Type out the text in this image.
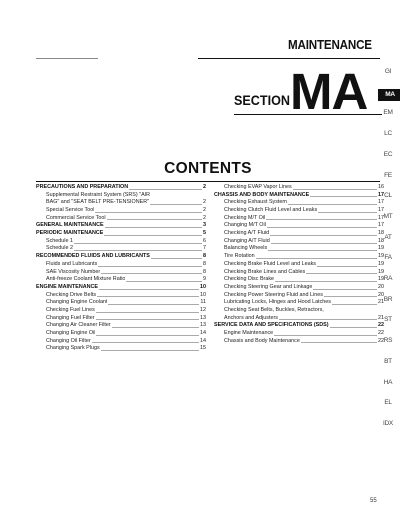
MAINTENANCE
SECTION MA
CONTENTS
PRECAUTIONS AND PREPARATION	2
Supplemental Restraint System (SRS) "AIR
BAG" and "SEAT BELT PRE-TENSIONER"	2
Special Service Tool	2
Commercial Service Tool	2
GENERAL MAINTENANCE	3
PERIODIC MAINTENANCE	5
Schedule 1	6
Schedule 2	7
RECOMMENDED FLUIDS AND LUBRICANTS	8
Fluids and Lubricants	8
SAE Viscosity Number	8
Anti-freeze Coolant Mixture Ratio	9
ENGINE MAINTENANCE	10
Checking Drive Belts	10
Changing Engine Coolant	11
Checking Fuel Lines	12
Changing Fuel Filter	13
Changing Air Cleaner Filter	13
Changing Engine Oil	14
Changing Oil Filter	14
Changing Spark Plugs	15
Checking EVAP Vapor Lines	16
CHASSIS AND BODY MAINTENANCE	17
Checking Exhaust System	17
Checking Clutch Fluid Level and Leaks	17
Checking M/T Oil	17
Changing M/T Oil	17
Checking A/T Fluid	18
Changing A/T Fluid	18
Balancing Wheels	19
Tire Rotation	19
Checking Brake Fluid Level and Leaks	19
Checking Brake Lines and Cables	19
Checking Disc Brake	19
Checking Steering Gear and Linkage	20
Checking Power Steering Fluid and Lines	20
Lubricating Locks, Hinges and Hood Latches	21
Checking Seat Belts, Buckles, Retractors,
Anchors and Adjusters	21
SERVICE DATA AND SPECIFICATIONS (SDS)	22
Engine Maintenance	22
Chassis and Body Maintenance	22
GI
MA
EM
LC
EC
FE
CL
MT
AT
FA
RA
BR
ST
RS
BT
HA
EL
IDX
55
